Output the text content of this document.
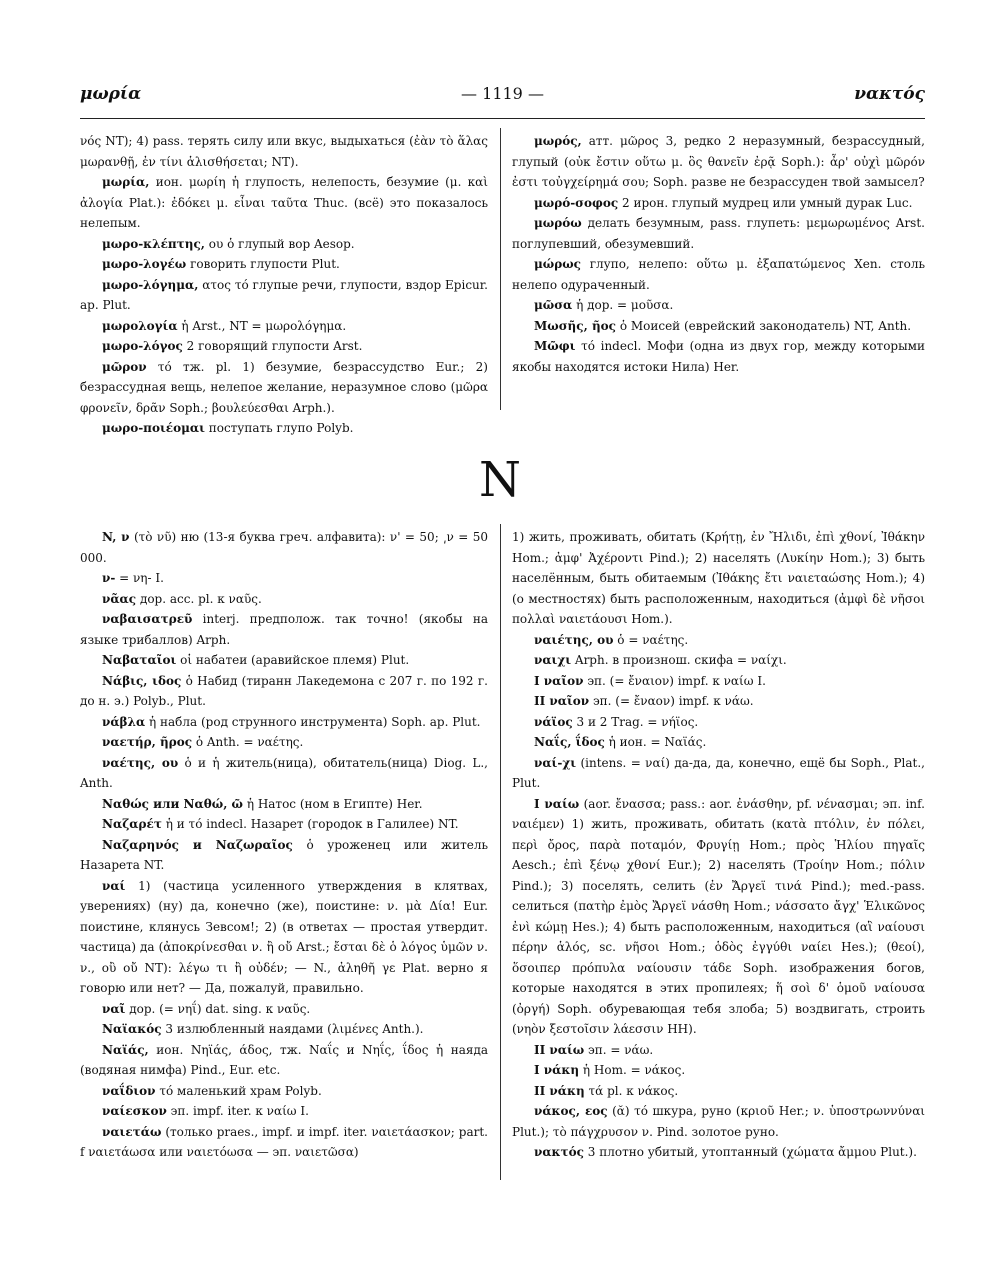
μωρία	— 1119 —	νακτός

νός NT); 4) pass. терять силу или вкус, выдыхаться (ἐὰν τὸ ἅλας μωρανθῇ, ἐν τίνι ἁλισθήσεται; NT).

μωρία, ион. μωρίη ἡ глупость, нелепость, безумие (μ. καὶ ἀλογία Plat.): ἐδόκει μ. εἶναι ταῦτα Thuc. (всё) это показалось нелепым.

μωρο-κλέπτης, ου ὁ глупый вор Aesop.

μωρο-λογέω говорить глупости Plut.

μωρο-λόγημα, ατος τό глупые речи, глупости, вздор Epicur. ap. Plut.

μωρολογία ἡ Arst., NT = μωρολόγημα.

μωρο-λόγος 2 говорящий глупости Arst.

μῶρον τό тж. pl. 1) безумие, безрассудство Eur.; 2) безрассудная вещь, нелепое желание, неразумное слово (μῶρα φρονεῖν, δρᾶν Soph.; βουλεύεσθαι Arph.).

μωρο-ποιέομαι поступать глупо Polyb.

μωρός, атт. μῶρος 3, редко 2 неразумный, безрассудный, глупый (οὐκ ἔστιν οὕτω μ. ὃς θανεῖν ἐρᾷ Soph.): ἆρ' οὐχὶ μῶρόν ἐστι τοὐγχείρημά σου; Soph. разве не безрассуден твой замысел?

μωρό-σοφος 2 ирон. глупый мудрец или умный дурак Luc.

μωρόω делать безумным, pass. глупеть: μεμωρωμένος Arst. поглупевший, обезумевший.

μώρως глупо, нелепо: οὕτω μ. ἐξαπατώμενος Xen. столь нелепо одураченный.

μῶσα ἡ дор. = μοῦσα.

Μωσῆς, ῆος ὁ Моисей (еврейский законодатель) NT, Anth.

Μῶφι τό indecl. Мофи (одна из двух гор, между которыми якобы находятся истоки Нила) Her.

N

N, ν (τὸ νῦ) ню (13-я буква греч. алфавита): ν' = 50; ͵ν = 50 000.

ν- = νη- I.

νᾶας дор. acc. pl. к ναῦς.

ναβαισατρεῦ interj. предполож. так точно! (якобы на языке трибаллов) Arph.

Ναβαταῖοι οἱ набатеи (аравийское племя) Plut.

Νάβις, ιδος ὁ Набид (тиранн Лакедемона с 207 г. по 192 г. до н. э.) Polyb., Plut.

νάβλα ἡ набла (род струнного инструмента) Soph. ap. Plut.

ναετήρ, ῆρος ὁ Anth. = ναέτης.

ναέτης, ου ὁ и ἡ житель(ница), обитатель(ница) Diog. L., Anth.

Ναθώς или Ναθώ, ῶ ἡ Натос (ном в Египте) Her.

Ναζαρέτ ἡ и τό indecl. Назарет (городок в Галилее) NT.

Ναζαρηνός и Ναζωραῖος ὁ уроженец или житель Назарета NT.

ναί 1) (частица усиленного утверждения в клятвах, уверениях) (ну) да, конечно (же), поистине: ν. μὰ Δία! Eur. поистине, клянусь Зевсом!; 2) (в ответах — простая утвердит. частица) да (ἀποκρίνεσθαι ν. ἢ οὔ Arst.; ἔσται δὲ ὁ λόγος ὑμῶν ν. ν., οὒ οὔ NT): λέγω τι ἢ οὐδέν; — N., ἀληθῆ γε Plat. верно я говорю или нет? — Да, пожалуй, правильно.

ναῖ дор. (= νηΐ) dat. sing. к ναῦς.

Ναϊακός 3 излюбленный наядами (λιμένες Anth.).

Ναϊάς, ион. Νηϊάς, άδος, тж. Ναΐς и Νηΐς, ΐδος ἡ наяда (водяная нимфа) Pind., Eur. etc.

ναΐδιον τό маленький храм Polyb.

ναίεσκον эп. impf. iter. к ναίω I.

ναιετάω (только praes., impf. и impf. iter. ναιετάασκον; part. f ναιετάωσα или ναιετόωσα — эп. ναιετῶσα)

1) жить, проживать, обитать (Κρήτῃ, ἐν Ἤλιδι, ἐπὶ χθονί, Ἰθάκην Hom.; ἀμφ' Ἀχέροντι Pind.); 2) населять (Λυκίην Hom.); 3) быть населённым, быть обитаемым (Ἰθάκης ἔτι ναιεταώσης Hom.); 4) (о местностях) быть расположенным, находиться (ἀμφὶ δὲ νῆσοι πολλαὶ ναιετάουσι Hom.).

ναιέτης, ου ὁ = ναέτης.

ναιχι Arph. в произнош. скифа = ναίχι.

I ναῖον эп. (= ἔναιον) impf. к ναίω I.

II ναῖον эп. (= ἔναον) impf. к νάω.

νάϊος 3 и 2 Trag. = νήϊος.

Ναΐς, ΐδος ἡ ион. = Ναϊάς.

ναί-χι (intens. = ναί) да-да, да, конечно, ещё бы Soph., Plat., Plut.

I ναίω (aor. ἔνασσα; pass.: aor. ἐνάσθην, pf. νένασμαι; эп. inf. ναιέμεν) 1) жить, проживать, обитать (κατὰ πτόλιν, ἐν πόλει, περὶ ὄρος, παρὰ ποταμόν, Φρυγίῃ Hom.; πρὸς Ἡλίου πηγαῖς Aesch.; ἐπὶ ξένῳ χθονί Eur.); 2) населять (Τροίην Hom.; πόλιν Pind.); 3) поселять, селить (ἐν Ἄργεϊ τινά Pind.); med.-pass. селиться (πατὴρ ἐμὸς Ἄργεϊ νάσθη Hom.; νάσσατο ἄγχ' Ἑλικῶνος ἐνὶ κώμῃ Hes.); 4) быть расположенным, находиться (αἳ ναίουσι πέρην ἁλός, sc. νῆσοι Hom.; ὁδὸς ἐγγύθι ναίει Hes.); (θεοί), ὅσοιπερ πρόπυλα ναίουσιν τάδε Soph. изображения богов, которые находятся в этих пропилеях; ἥ σοὶ δ' ὁμοῦ ναίουσα (ὀργή) Soph. обуревающая тебя злоба; 5) воздвигать, строить (νηὸν ξεστοῖσιν λάεσσιν HH).

II ναίω эп. = νάω.

I νάκη ἡ Hom. = νάκος.

II νάκη τά pl. к νάκος.

νάκος, εος (ᾰ) τό шкура, руно (κριοῦ Her.; ν. ὑποστρωννύναι Plut.); τὸ πάγχρυσον ν. Pind. золотое руно.

νακτός 3 плотно убитый, утоптанный (χώματα ἄμμου Plut.).
